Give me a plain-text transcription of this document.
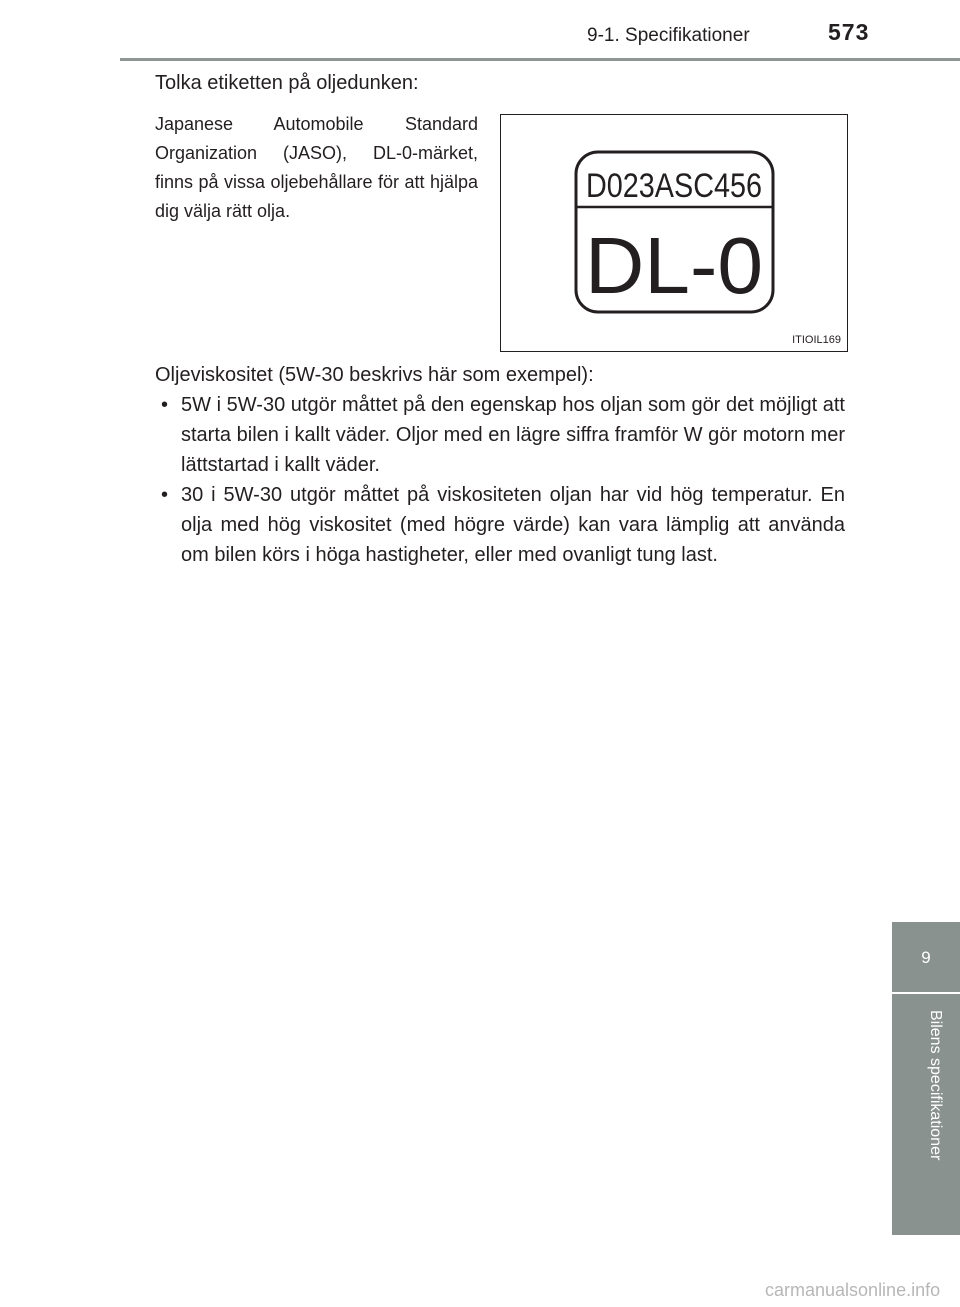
9-1. Specifikationer	573
9
Bilens specifikationer
Tolka etiketten på oljedunken:
Japanese Automobile Standard Organization (JASO), DL-0-märket, finns på vissa oljebehållare för att hjälpa dig välja rätt olja.
D023ASC456
DL-0
ITIOIL169

Oljeviskositet (5W-30 beskrivs här som exempel):

• 5W i 5W-30 utgör måttet på den egenskap hos oljan som gör det möjligt att starta bilen i kallt väder. Oljor med en lägre siffra framför W gör motorn mer lättstartad i kallt väder.
• 30 i 5W-30 utgör måttet på viskositeten oljan har vid hög temperatur. En olja med hög viskositet (med högre värde) kan vara lämplig att använda om bilen körs i höga hastigheter, eller med ovanligt tung last.
carmanualsonline.info
